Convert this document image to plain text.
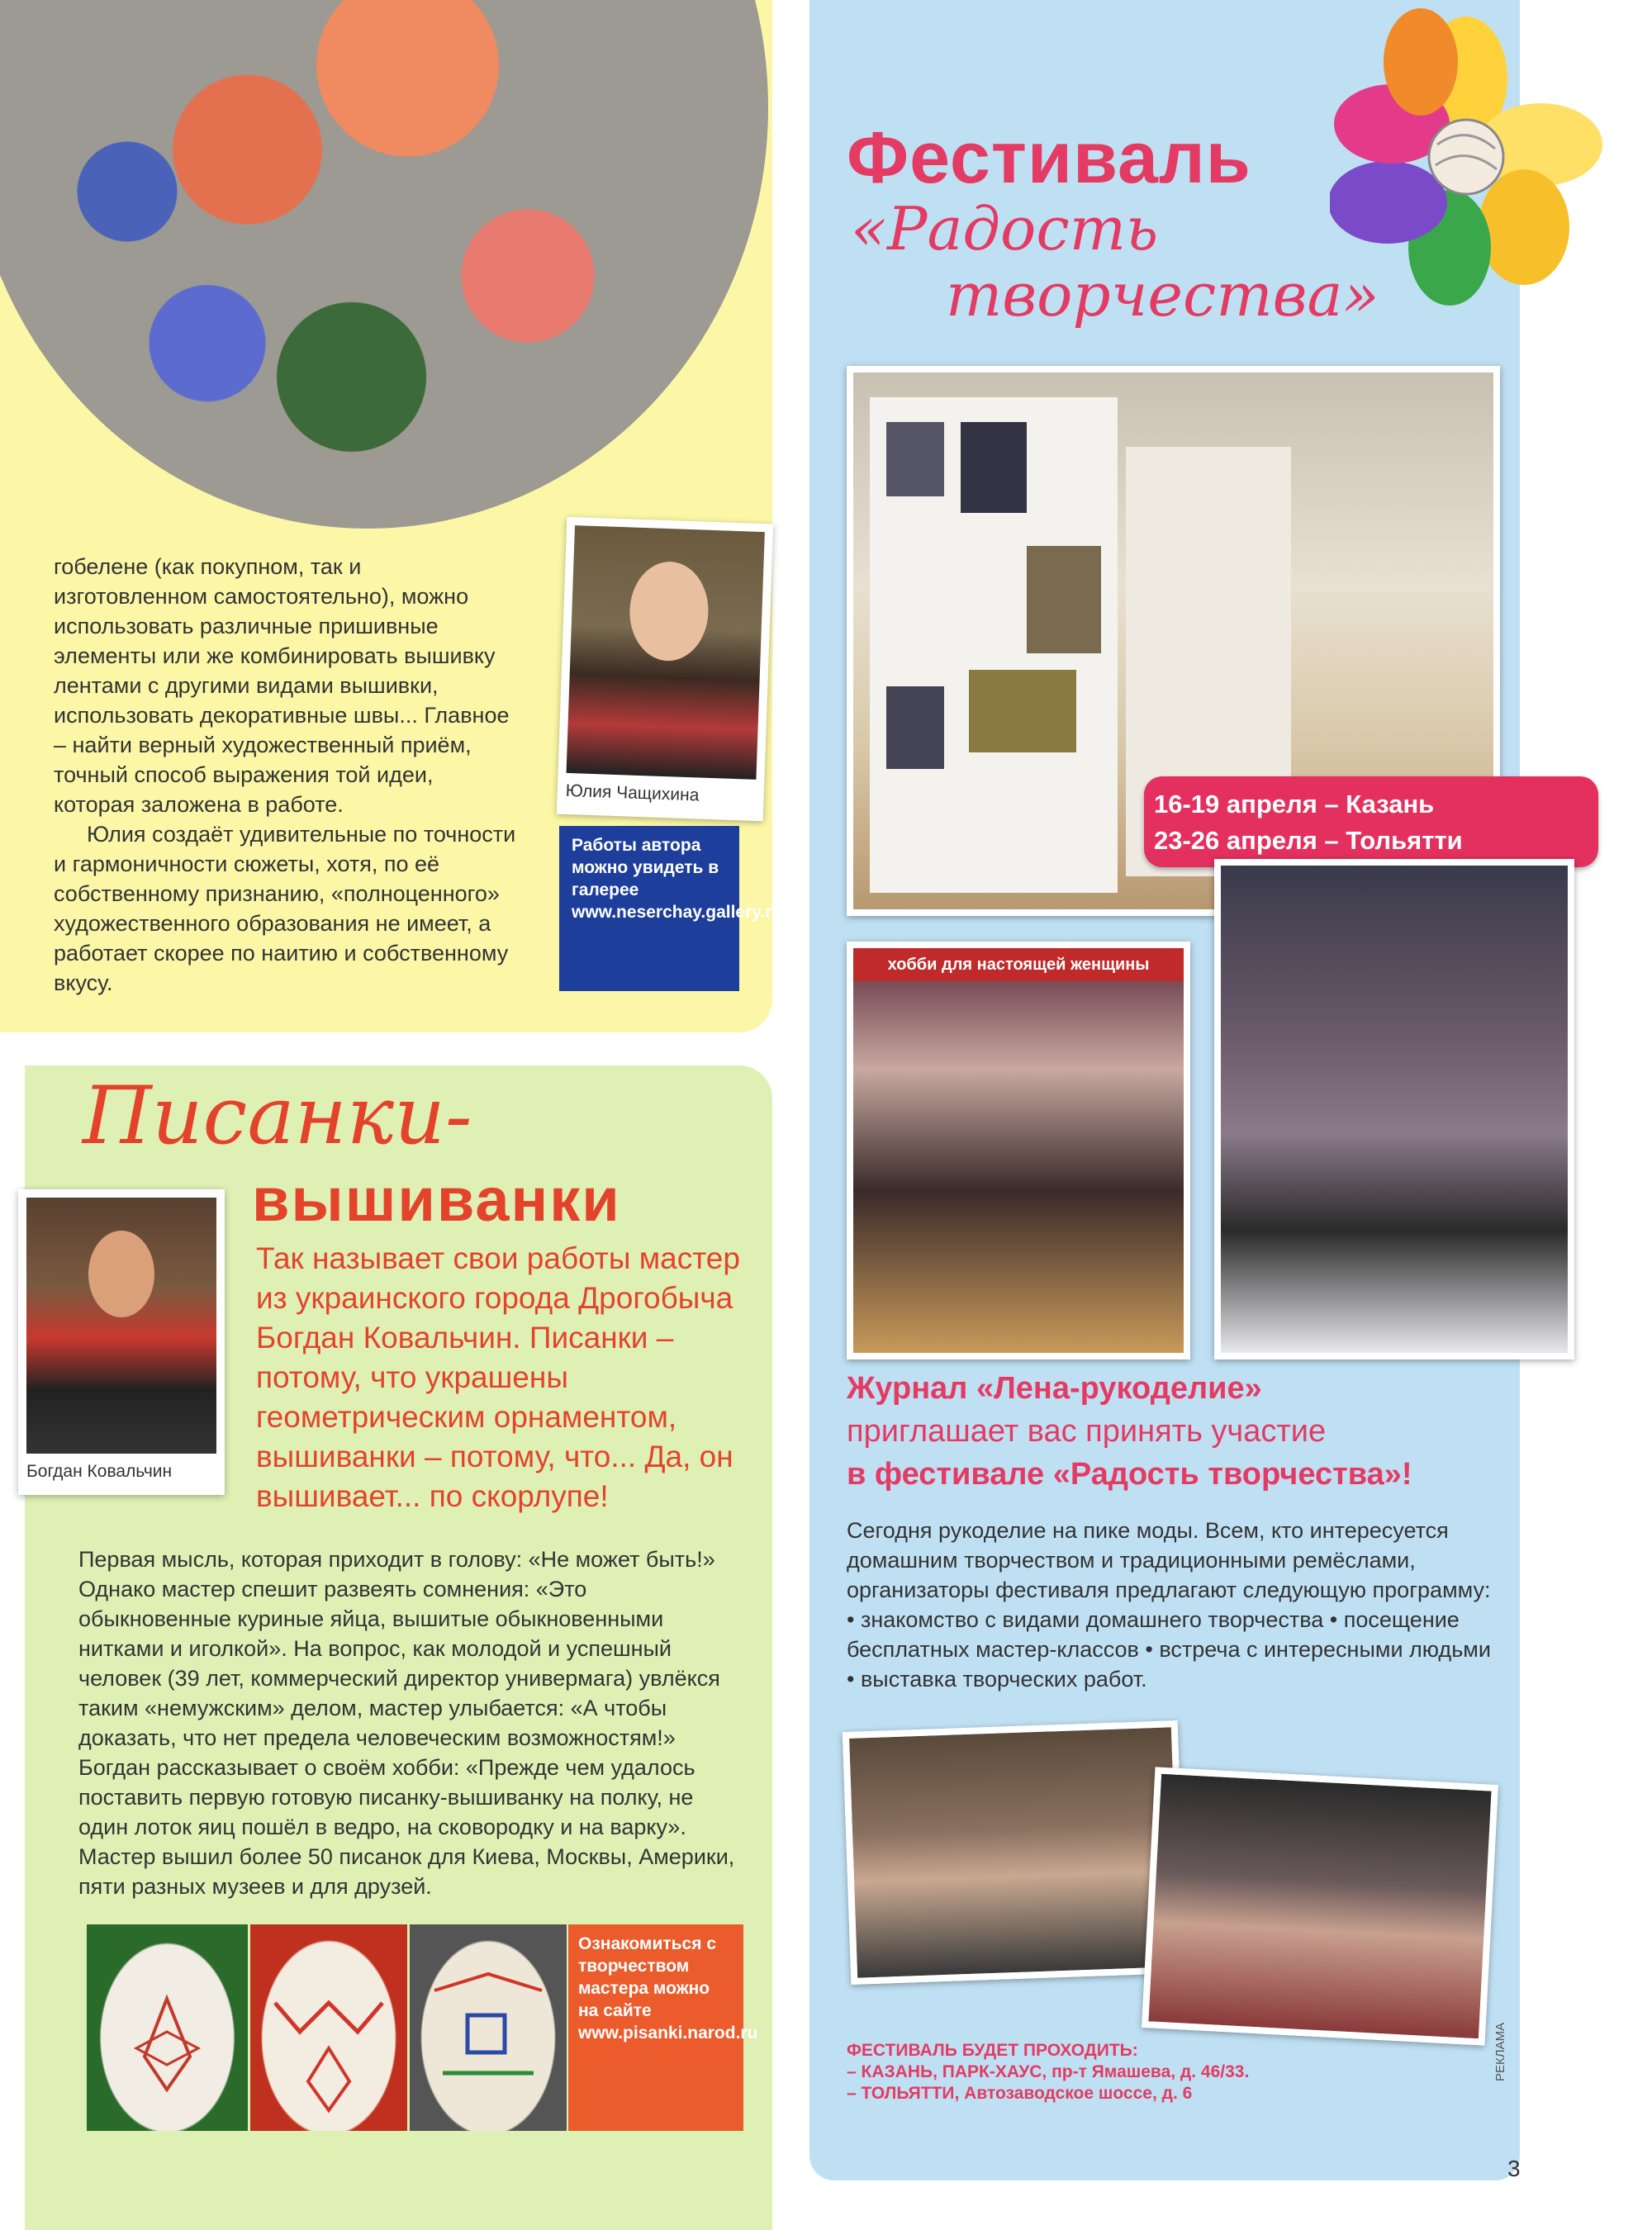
гобелене (как покупном, так и изготовленном самостоятельно), можно использовать различные пришивные элементы или же комбинировать вышивку лентами с другими видами вышивки, использовать декоративные швы... Главное – найти верный художественный приём, точный способ выражения той идеи, которая заложена в работе.
Юлия создаёт удивительные по точности и гармоничности сюжеты, хотя, по её собственному признанию, «полноценного» художественного образования не имеет, а работает скорее по наитию и собственному вкусу.
Юлия Чащихина
Работы автора можно увидеть в галерее www.neserchay.gallery.ru
Писанки-
вышиванки
Так называет свои работы мастер из украинского города Дрогобыча Богдан Ковальчин. Писанки – потому, что украшены геометрическим орнаментом, вышиванки – потому, что... Да, он вышивает... по скорлупе!
Богдан Ковальчин
Первая мысль, которая приходит в голову: «Не может быть!» Однако мастер спешит развеять сомнения: «Это обыкновенные куриные яйца, вышитые обыкновенными нитками и иголкой». На вопрос, как молодой и успешный человек (39 лет, коммерческий директор универмага) увлёкся таким «немужским» делом, мастер улыбается: «А чтобы доказать, что нет предела человеческим возможностям!» Богдан рассказывает о своём хобби: «Прежде чем удалось поставить первую готовую писанку-вышиванку на полку, не один лоток яиц пошёл в ведро, на сковородку и на варку». Мастер вышил более 50 писанок для Киева, Москвы, Америки, пяти разных музеев и для друзей.
Ознакомиться с творчеством мастера можно на сайте www.pisanki.narod.ru
Фестиваль
«Радость
творчества»
16-19 апреля – Казань
23-26 апреля – Тольятти
хобби для настоящей женщины
Журнал «Лена-рукоделие»
приглашает вас принять участие
в фестивале «Радость творчества»!
Сегодня рукоделие на пике моды. Всем, кто интересуется домашним творчеством и традиционными ремёслами, организаторы фестиваля предлагают следующую программу: • знакомство с видами домашнего творчества • посещение бесплатных мастер-классов • встреча с интересными людьми • выставка творческих работ.
ФЕСТИВАЛЬ БУДЕТ ПРОХОДИТЬ:
– КАЗАНЬ, ПАРК-ХАУС, пр-т Ямашева, д. 46/33.
– ТОЛЬЯТТИ, Автозаводское шоссе, д. 6
РЕКЛАМА
3
